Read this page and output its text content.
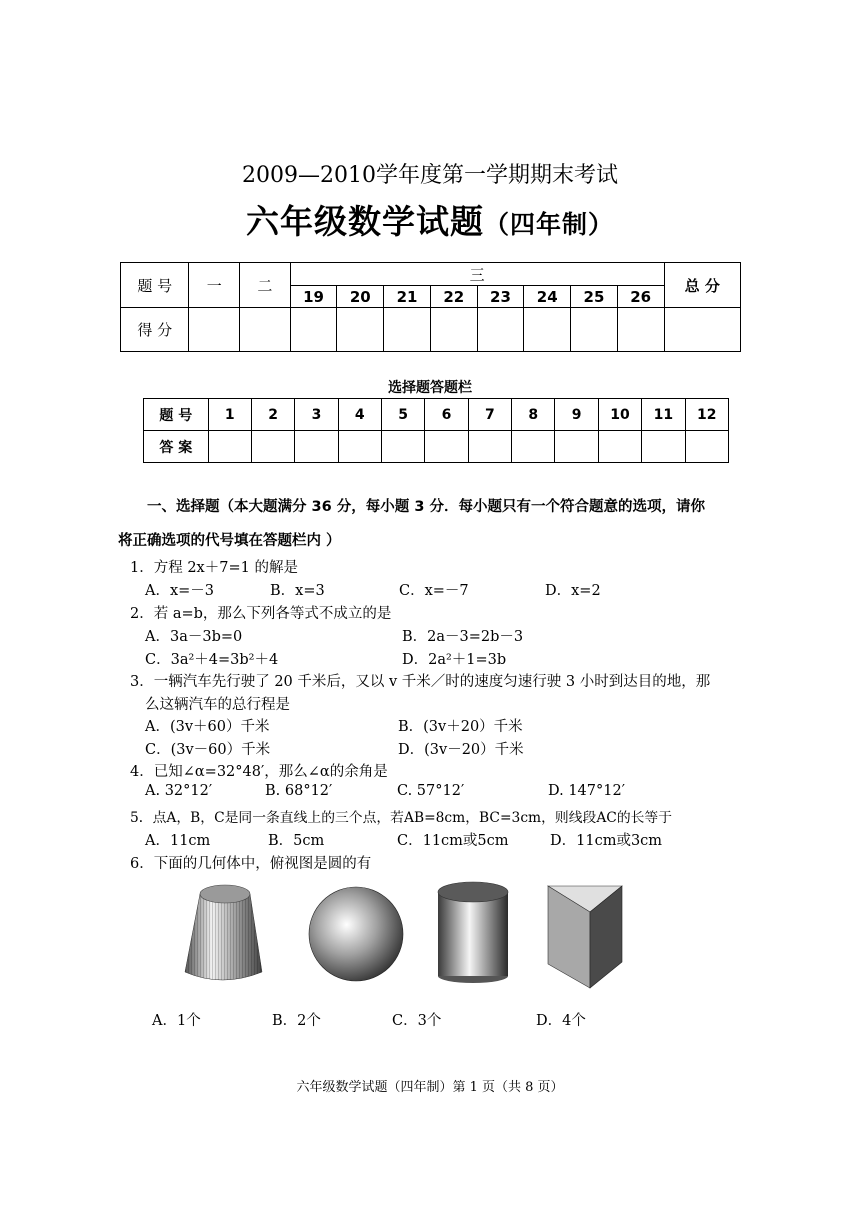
2009—2010学年度第一学期期末考试
六年级数学试题（四年制）
题 号	一	二	三								总 分
			19	20	21	22	23	24	25	26	
得 分											
选择题答题栏
题 号	1	2	3	4	5	6	7	8	9	10	11	12
答 案												
一、选择题（本大题满分 36 分，每小题 3 分．每小题只有一个符合题意的选项，请你
将正确选项的代号填在答题栏内 ）
1．方程 2x＋7=1 的解是
A．x=－3	B．x=3	C．x=－7	D．x=2
2．若 a=b，那么下列各等式不成立的是
A．3a－3b=0	B．2a－3=2b－3
C．3a²＋4=3b²＋4	D．2a²＋1=3b
3．一辆汽车先行驶了 20 千米后，又以 v 千米／时的速度匀速行驶 3 小时到达目的地，那
么这辆汽车的总行程是
A．(3v＋60）千米	B．(3v＋20）千米
C．(3v－60）千米	D．(3v－20）千米
4．已知∠α=32°48′，那么∠α的余角是
A. 32°12′	B. 68°12′	C. 57°12′	D. 147°12′
5．点A，B，C是同一条直线上的三个点，若AB=8cm，BC=3cm，则线段AC的长等于
A．11cm	B．5cm	C．11cm或5cm	D．11cm或3cm
6．下面的几何体中，俯视图是圆的有
A．1个	B．2个	C．3个	D．4个
六年级数学试题（四年制）第 1 页（共 8 页）
